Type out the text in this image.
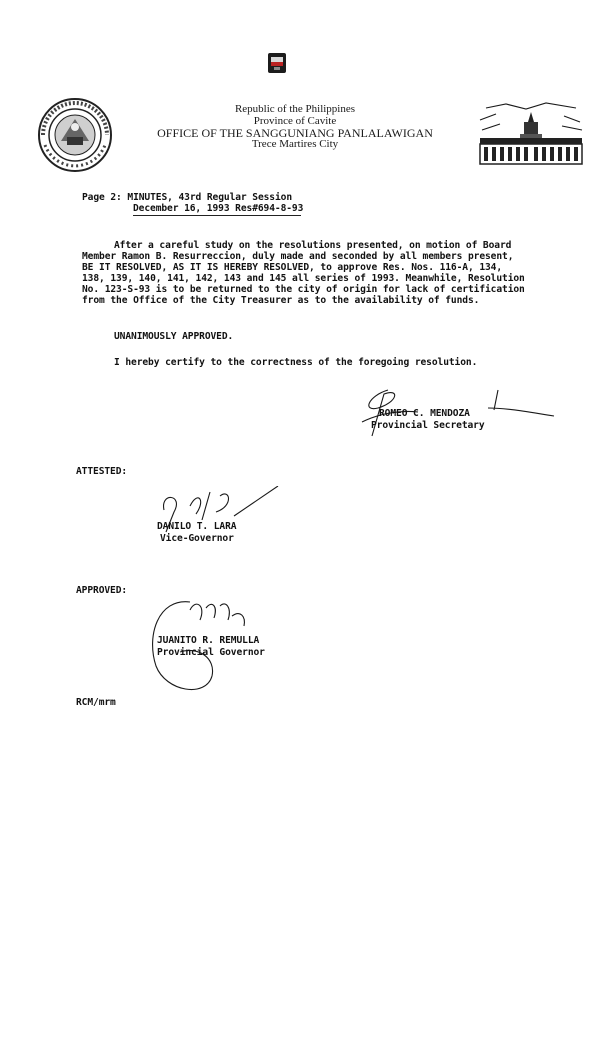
Republic of the Philippines
Province of Cavite
OFFICE OF THE SANGGUNIANG PANLALAWIGAN
Trece Martires City
Page 2: MINUTES, 43rd Regular Session
December 16, 1993 Res#694-8-93
After a careful study on the resolutions presented, on motion of Board
Member Ramon B. Resurreccion, duly made and seconded by all members present,
BE IT RESOLVED, AS IT IS HEREBY RESOLVED, to approve Res. Nos. 116-A, 134,
138, 139, 140, 141, 142, 143 and 145 all series of 1993. Meanwhile, Resolution
No. 123-S-93 is to be returned to the city of origin for lack of certification
from the Office of the City Treasurer as to the availability of funds.
UNANIMOUSLY APPROVED.
I hereby certify to the correctness of the foregoing resolution.
ROMEO C. MENDOZA
Provincial Secretary
ATTESTED:
DANILO T. LARA
Vice-Governor
APPROVED:
JUANITO R. REMULLA
Provincial Governor
RCM/mrm
